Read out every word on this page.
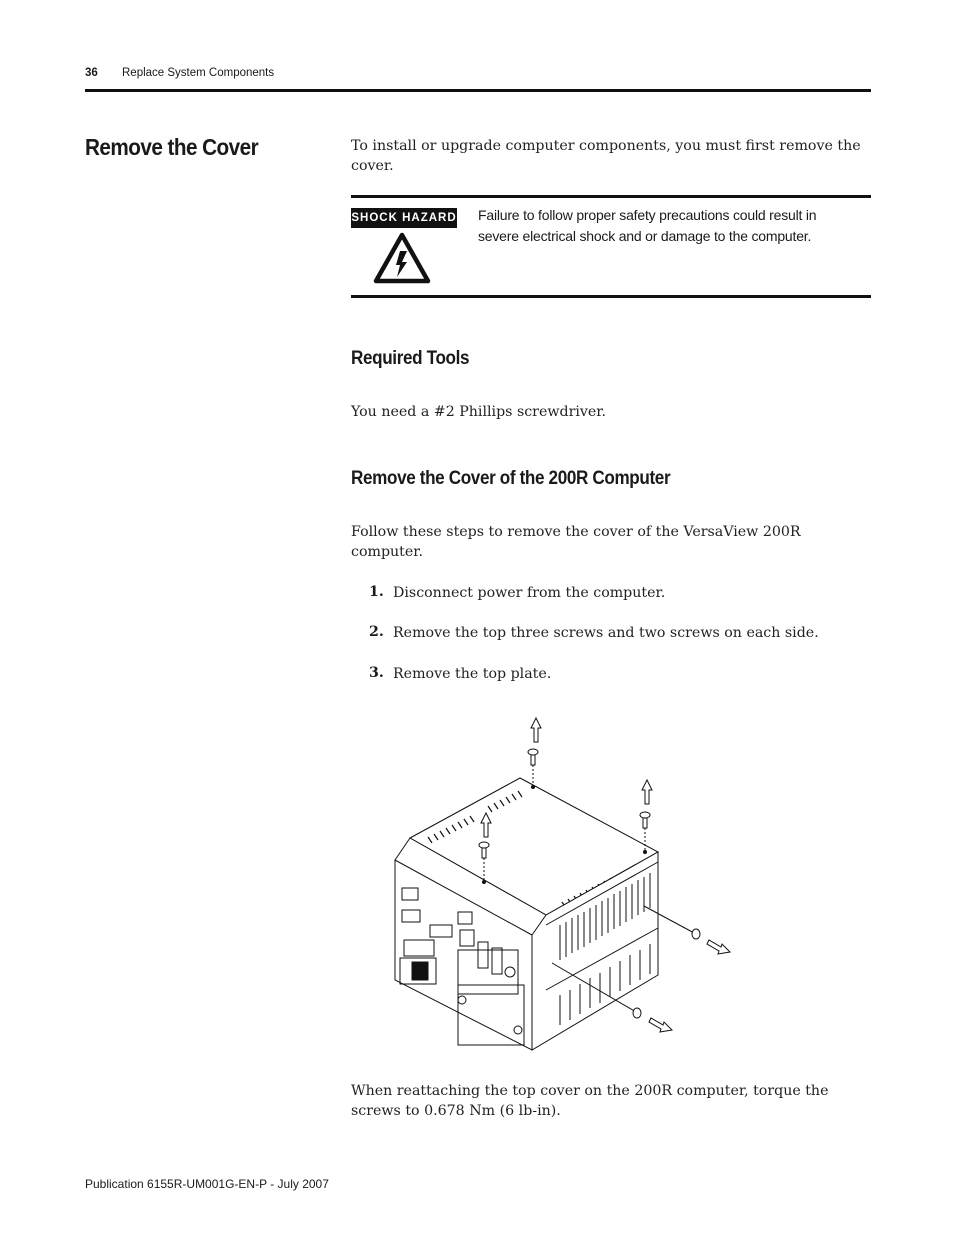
36 Replace System Components
Remove the Cover	To install or upgrade computer components, you must first remove the cover.
SHOCK HAZARD Failure to follow proper safety precautions could result in severe electrical shock and or damage to the computer.
Required Tools
You need a #2 Phillips screwdriver.
Remove the Cover of the 200R Computer
Follow these steps to remove the cover of the VersaView 200R computer.
1. Disconnect power from the computer.
2. Remove the top three screws and two screws on each side.
3. Remove the top plate.
When reattaching the top cover on the 200R computer, torque the screws to 0.678 Nm (6 lb-in).
Publication 6155R-UM001G-EN-P - July 2007
